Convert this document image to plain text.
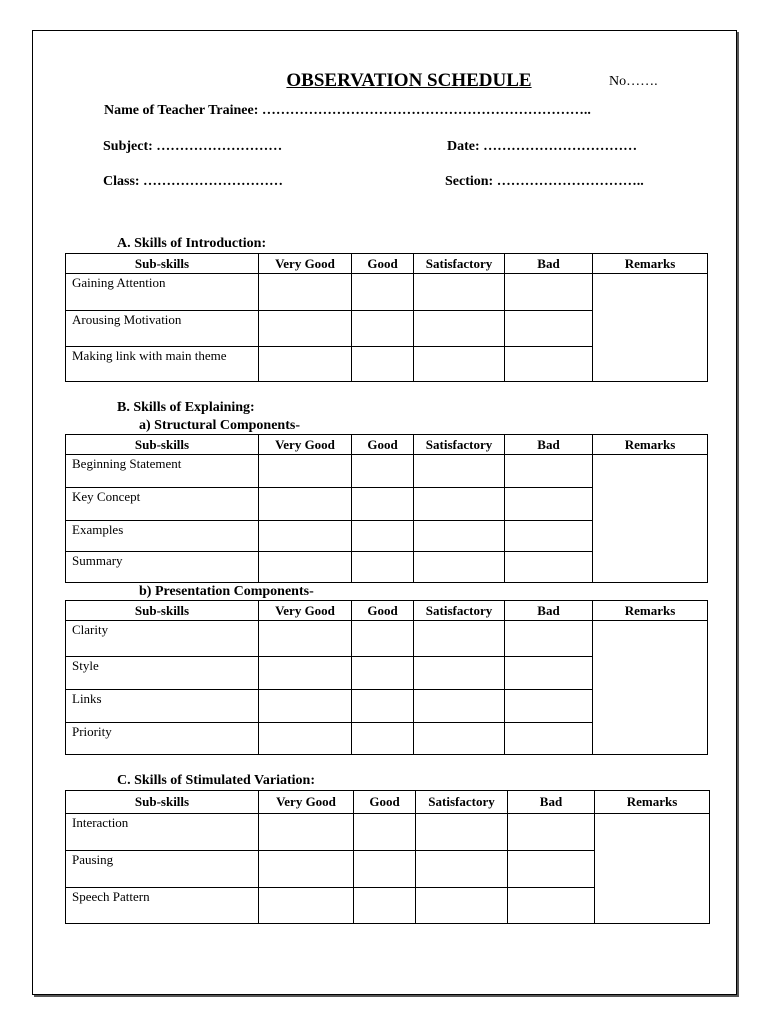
OBSERVATION SCHEDULE	No…….
Name of Teacher Trainee: ……………………………………………………………..
Subject: ………………………	Date: ……………………………
Class: …………………………	Section: …………………………..
A. Skills of Introduction:
Sub-skills	Very Good	Good	Satisfactory	Bad	Remarks
Gaining Attention					
Arousing Motivation					
Making link with main theme					
B. Skills of Explaining:
a) Structural Components-
Sub-skills	Very Good	Good	Satisfactory	Bad	Remarks
Beginning Statement					
Key Concept					
Examples					
Summary					
b) Presentation Components-
Sub-skills	Very Good	Good	Satisfactory	Bad	Remarks
Clarity					
Style					
Links					
Priority					
C. Skills of Stimulated Variation:
Sub-skills	Very Good	Good	Satisfactory	Bad	Remarks
Interaction					
Pausing					
Speech Pattern					
